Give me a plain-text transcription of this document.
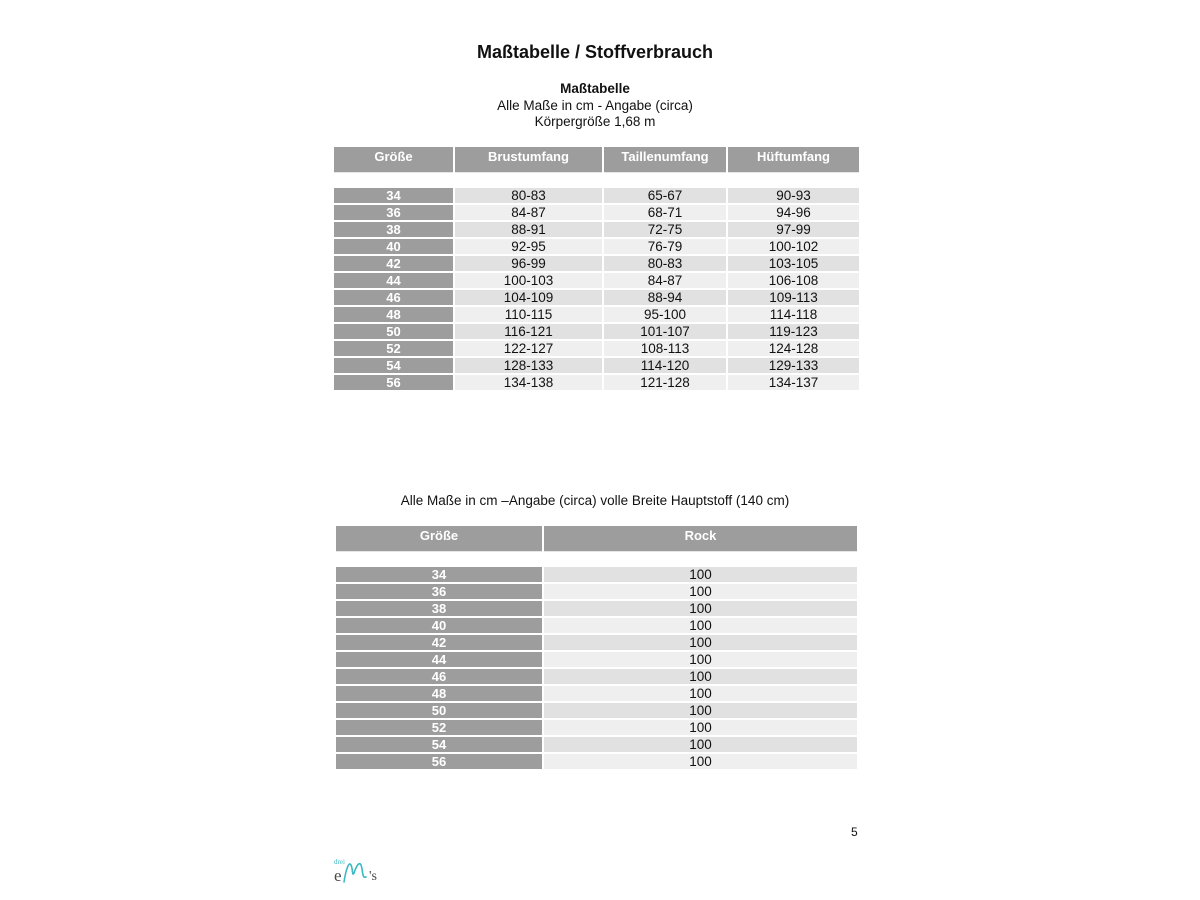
Maßtabelle / Stoffverbrauch
Maßtabelle
Alle Maße in cm - Angabe (circa)
Körpergröße 1,68 m
Größe	Brustumfang	Taillenumfang	Hüftumfang

34	80-83	65-67	90-93
36	84-87	68-71	94-96
38	88-91	72-75	97-99
40	92-95	76-79	100-102
42	96-99	80-83	103-105
44	100-103	84-87	106-108
46	104-109	88-94	109-113
48	110-115	95-100	114-118
50	116-121	101-107	119-123
52	122-127	108-113	124-128
54	128-133	114-120	129-133
56	134-138	121-128	134-137
Alle Maße in cm –Angabe (circa) volle Breite Hauptstoff (140 cm)
Größe	Rock

34	100
36	100
38	100
40	100
42	100
44	100
46	100
48	100
50	100
52	100
54	100
56	100
5
drei
e 's
